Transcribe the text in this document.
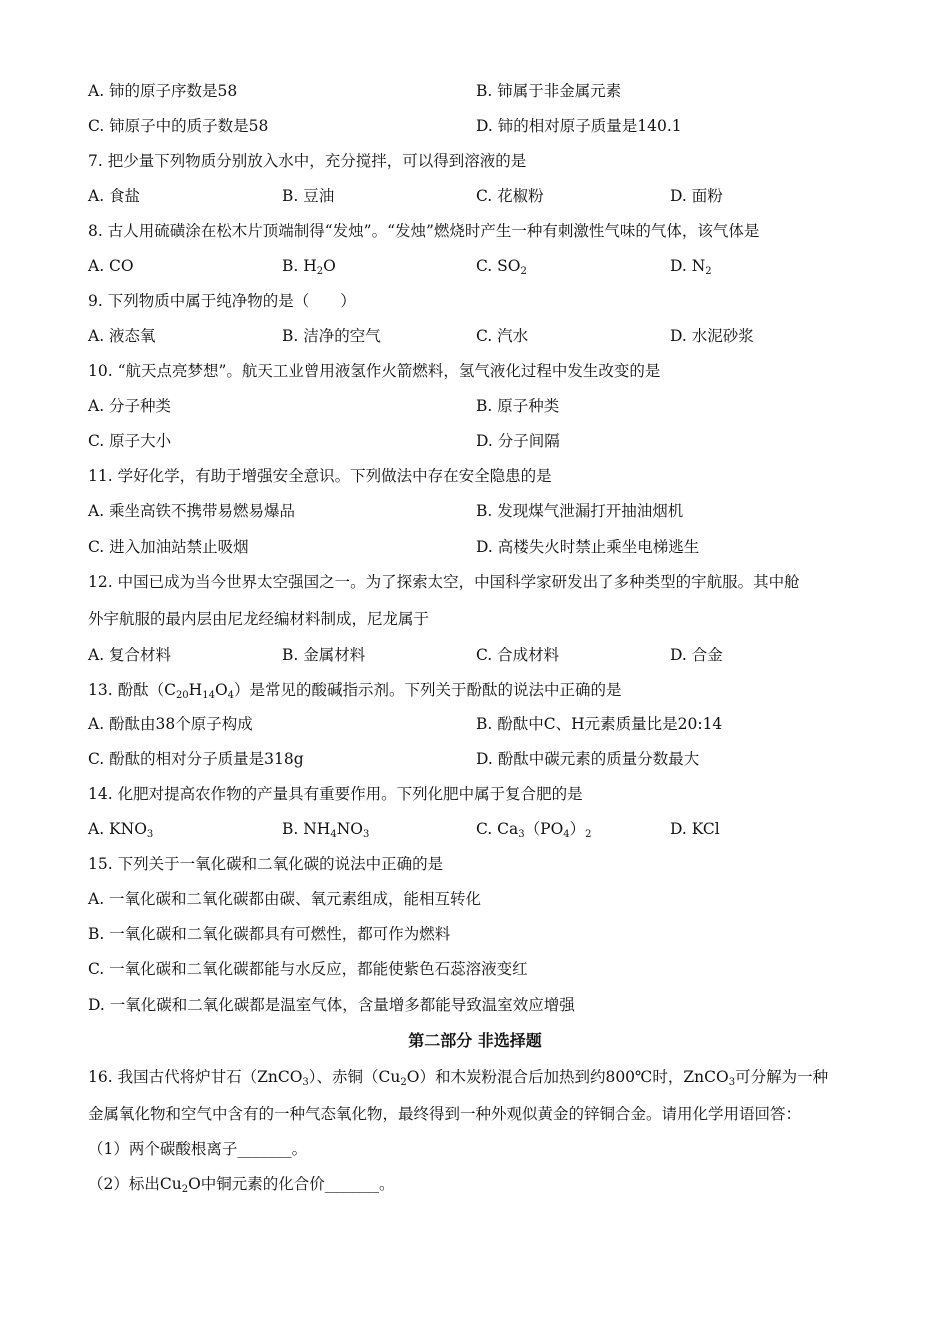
A. 铈的原子序数是58	B. 铈属于非金属元素
C. 铈原子中的质子数是58	D. 铈的相对原子质量是140.1
7. 把少量下列物质分别放入水中，充分搅拌，可以得到溶液的是
A. 食盐	B. 豆油	C. 花椒粉	D. 面粉
8. 古人用硫磺涂在松木片顶端制得“发烛”。“发烛”燃烧时产生一种有刺激性气味的气体，该气体是
A. CO	B. $H_2O$	C. $SO_2$	D. $N_2$
9. 下列物质中属于纯净物的是（　　）
A. 液态氧	B. 洁净的空气	C. 汽水	D. 水泥砂浆
10. “航天点亮梦想”。航天工业曾用液氢作火箭燃料，氢气液化过程中发生改变的是
A. 分子种类	B. 原子种类
C. 原子大小	D. 分子间隔
11. 学好化学，有助于增强安全意识。下列做法中存在安全隐患的是
A. 乘坐高铁不携带易燃易爆品	B. 发现煤气泄漏打开抽油烟机
C. 进入加油站禁止吸烟	D. 高楼失火时禁止乘坐电梯逃生
12. 中国已成为当今世界太空强国之一。为了探索太空，中国科学家研发出了多种类型的宇航服。其中舱
外宇航服的最内层由尼龙经编材料制成，尼龙属于
A. 复合材料	B. 金属材料	C. 合成材料	D. 合金
13. 酚酞$(C_{20}H_{14}O_4)$是常见的酸碱指示剂。下列关于酚酞的说法中正确的是
A. 酚酞由38个原子构成	B. 酚酞中C、H元素质量比是20:14
C. 酚酞的相对分子质量是318g	D. 酚酞中碳元素的质量分数最大
14. 化肥对提高农作物的产量具有重要作用。下列化肥中属于复合肥的是
A. $KNO_3$	B. $NH_4NO_3$	C. $Ca_3(PO_4)_2$	D. KCl
15. 下列关于一氧化碳和二氧化碳的说法中正确的是
A. 一氧化碳和二氧化碳都由碳、氧元素组成，能相互转化
B. 一氧化碳和二氧化碳都具有可燃性，都可作为燃料
C. 一氧化碳和二氧化碳都能与水反应，都能使紫色石蕊溶液变红
D. 一氧化碳和二氧化碳都是温室气体，含量增多都能导致温室效应增强
第二部分 非选择题
16. 我国古代将炉甘石（ZnCO$_3$）、赤铜$(Cu_2O)$和木炭粉混合后加热到约800℃时，ZnCO$_3$可分解为一种
金属氧化物和空气中含有的一种气态氧化物，最终得到一种外观似黄金的锌铜合金。请用化学用语回答：
（1）两个碳酸根离子_______。
（2）标出$Cu_2O$中铜元素的化合价_______。
